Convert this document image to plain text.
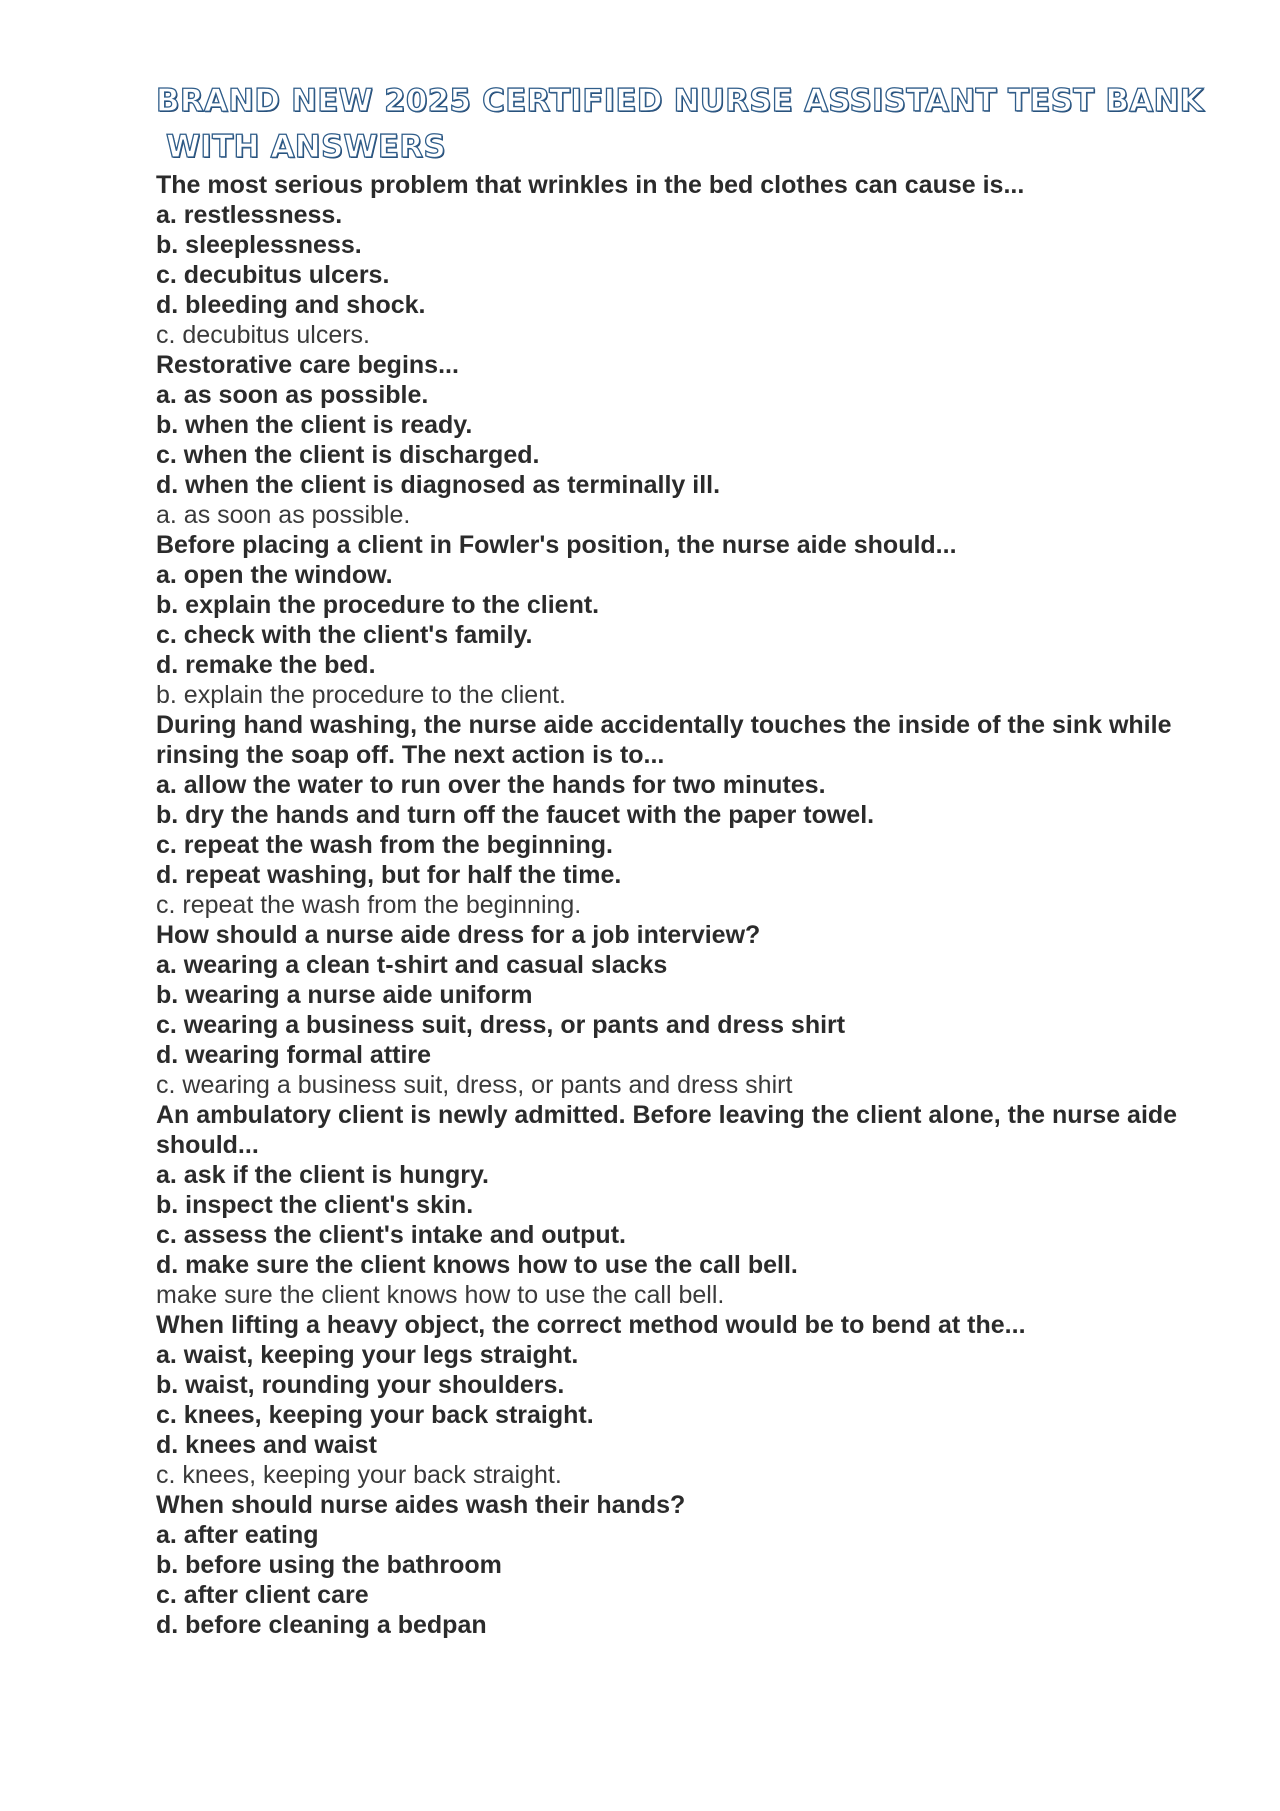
BRAND NEW 2025 CERTIFIED NURSE ASSISTANT TEST BANK
WITH ANSWERS

The most serious problem that wrinkles in the bed clothes can cause is...

a. restlessness.

b. sleeplessness.

c. decubitus ulcers.

d. bleeding and shock.

c. decubitus ulcers.

Restorative care begins...

a. as soon as possible.

b. when the client is ready.

c. when the client is discharged.

d. when the client is diagnosed as terminally ill.

a. as soon as possible.

Before placing a client in Fowler's position, the nurse aide should...

a. open the window.

b. explain the procedure to the client.

c. check with the client's family.

d. remake the bed.

b. explain the procedure to the client.

During hand washing, the nurse aide accidentally touches the inside of the sink while rinsing the soap off. The next action is to...

a. allow the water to run over the hands for two minutes.

b. dry the hands and turn off the faucet with the paper towel.

c. repeat the wash from the beginning.

d. repeat washing, but for half the time.

c. repeat the wash from the beginning.

How should a nurse aide dress for a job interview?

a. wearing a clean t-shirt and casual slacks

b. wearing a nurse aide uniform

c. wearing a business suit, dress, or pants and dress shirt

d. wearing formal attire

c. wearing a business suit, dress, or pants and dress shirt

An ambulatory client is newly admitted. Before leaving the client alone, the nurse aide should...

a. ask if the client is hungry.

b. inspect the client's skin.

c. assess the client's intake and output.

d. make sure the client knows how to use the call bell.

make sure the client knows how to use the call bell.

When lifting a heavy object, the correct method would be to bend at the...

a. waist, keeping your legs straight.

b. waist, rounding your shoulders.

c. knees, keeping your back straight.

d. knees and waist

c. knees, keeping your back straight.

When should nurse aides wash their hands?

a. after eating

b. before using the bathroom

c. after client care

d. before cleaning a bedpan
